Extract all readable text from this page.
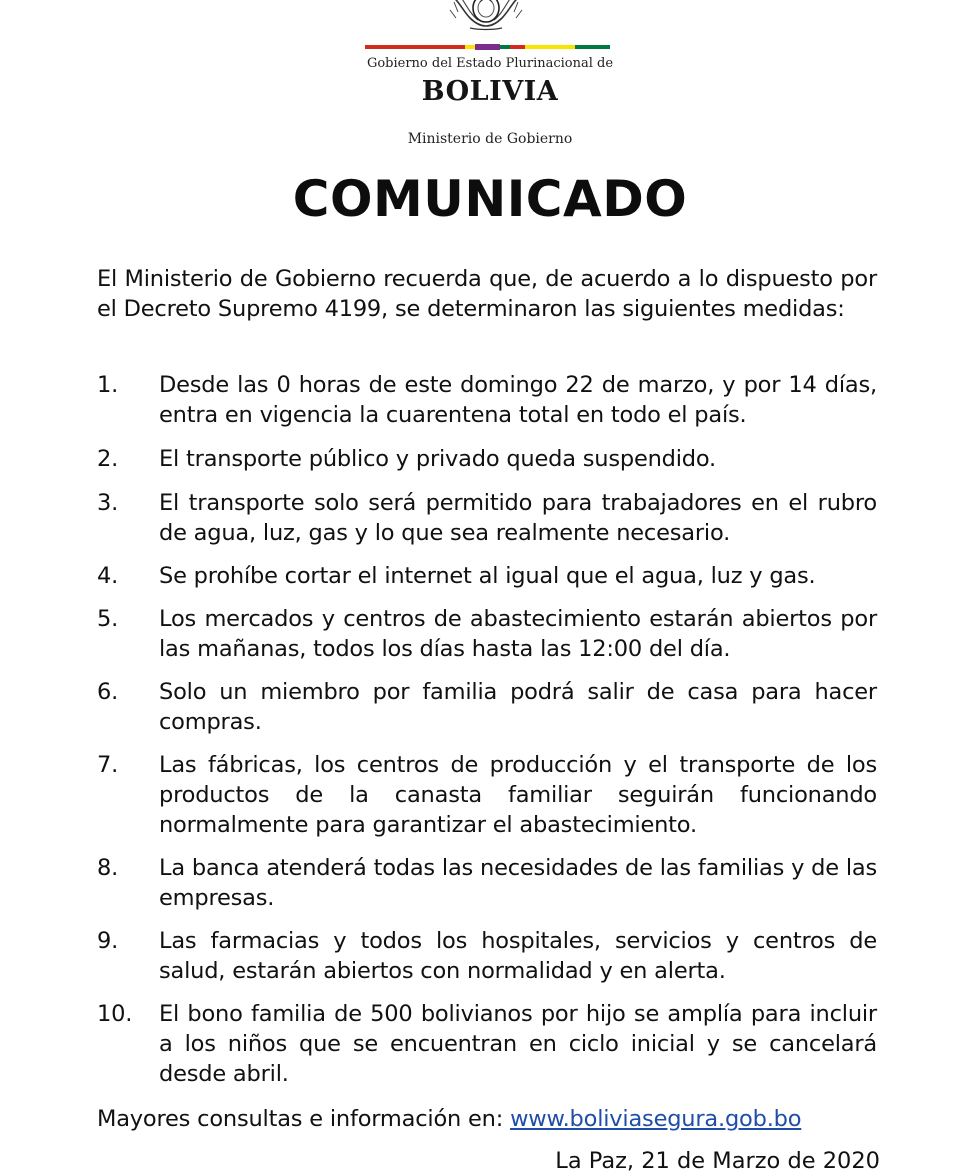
Gobierno del Estado Plurinacional de
BOLIVIA
Ministerio de Gobierno
COMUNICADO
El Ministerio de Gobierno recuerda que, de acuerdo a lo dispuesto por el Decreto Supremo 4199, se determinaron las siguientes medidas:
1.	Desde las 0 horas de este domingo 22 de marzo, y por 14 días, entra en vigencia la cuarentena total en todo el país.
2.	El transporte público y privado queda suspendido.
3.	El transporte solo será permitido para trabajadores en el rubro de agua, luz, gas y lo que sea realmente necesario.
4.	Se prohíbe cortar el internet al igual que el agua, luz y gas.
5.	Los mercados y centros de abastecimiento estarán abiertos por las mañanas, todos los días hasta las 12:00 del día.
6.	Solo un miembro por familia podrá salir de casa para hacer compras.
7.	Las fábricas, los centros de producción y el transporte de los productos de la canasta familiar seguirán funcionando normalmente para garantizar el abastecimiento.
8.	La banca atenderá todas las necesidades de las familias y de las empresas.
9.	Las farmacias y todos los hospitales, servicios y centros de salud, estarán abiertos con normalidad y en alerta.
10.	El bono familia de 500 bolivianos por hijo se amplía para incluir a los niños que se encuentran en ciclo inicial y se cancelará desde abril.
Mayores consultas e información en: www.boliviasegura.gob.bo
La Paz, 21 de Marzo de 2020
